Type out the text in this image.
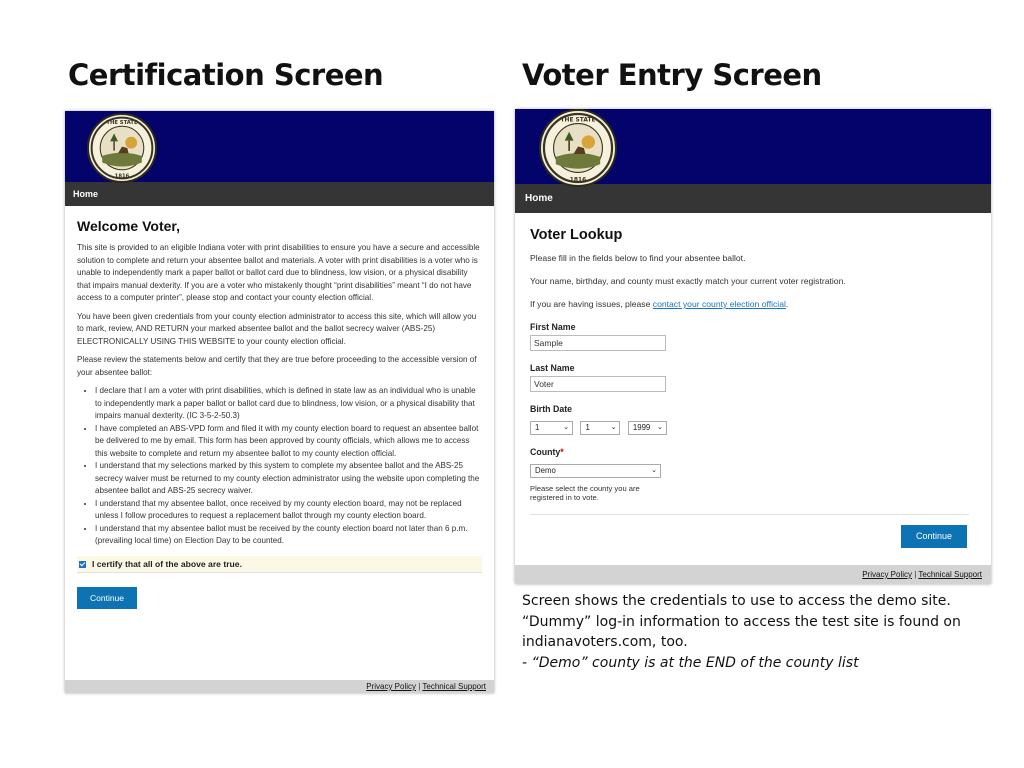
Certification Screen	Voter Entry Screen
THE STATE
1816
Home
Welcome Voter,

This site is provided to an eligible Indiana voter with print disabilities to ensure you have a secure and accessible solution to complete and return your absentee ballot and materials. A voter with print disabilities is a voter who is unable to independently mark a paper ballot or ballot card due to blindness, low vision, or a physical disability that impairs manual dexterity. If you are a voter who mistakenly thought “print disabilities” meant “I do not have access to a computer printer”, please stop and contact your county election official.

You have been given credentials from your county election administrator to access this site, which will allow you to mark, review, AND RETURN your marked absentee ballot and the ballot secrecy waiver (ABS-25) ELECTRONICALLY USING THIS WEBSITE to your county election official.

Please review the statements below and certify that they are true before proceeding to the accessible version of your absentee ballot:

• I declare that I am a voter with print disabilities, which is defined in state law as an individual who is unable to independently mark a paper ballot or ballot card due to blindness, low vision, or a physical disability that impairs manual dexterity. (IC 3-5-2-50.3)
• I have completed an ABS-VPD form and filed it with my county election board to request an absentee ballot be delivered to me by email. This form has been approved by county officials, which allows me to access this website to complete and return my absentee ballot to my county election official.
• I understand that my selections marked by this system to complete my absentee ballot and the ABS-25 secrecy waiver must be returned to my county election administrator using the website upon completing the absentee ballot and ABS-25 secrecy waiver.
• I understand that my absentee ballot, once received by my county election board, may not be replaced unless I follow procedures to request a replacement ballot through my county election board.
• I understand that my absentee ballot must be received by the county election board not later than 6 p.m. (prevailing local time) on Election Day to be counted.
I certify that all of the above are true.
Continue
Privacy Policy | Technical Support
THE STATE
1816
Home
Voter Lookup

Please fill in the fields below to find your absentee ballot.

Your name, birthday, and county must exactly match your current voter registration.

If you are having issues, please contact your county election official.

First Name
Sample
Last Name
Voter
Birth Date
1	⌄ 1	⌄ 1999 ⌄
County*
Demo	⌄
Please select the county you are registered in to vote.
Continue
Privacy Policy | Technical Support
Screen shows the credentials to use to access the demo site.
“Dummy” log-in information to access the test site is found on indianavoters.com, too.
- “Demo” county is at the END of the county list
